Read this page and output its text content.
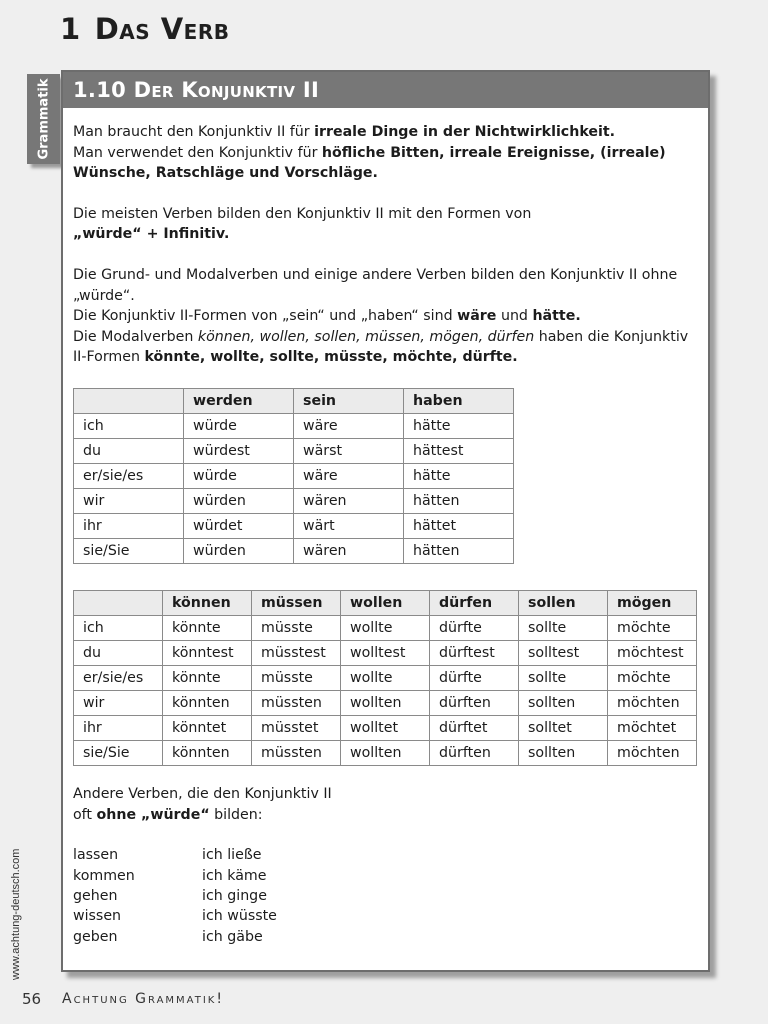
1 Das Verb
Grammatik	1.10 Der Konjunktiv II

Man braucht den Konjunktiv II für irreale Dinge in der Nichtwirklichkeit.
Man verwendet den Konjunktiv für höfliche Bitten, irreale Ereignisse, (irreale) Wünsche, Ratschläge und Vorschläge.

Die meisten Verben bilden den Konjunktiv II mit den Formen von
„würde“ + Infinitiv.

Die Grund- und Modalverben und einige andere Verben bilden den Konjunktiv II ohne „würde“.
Die Konjunktiv II-Formen von „sein“ und „haben“ sind wäre und hätte.
Die Modalverben können, wollen, sollen, müssen, mögen, dürfen haben die Konjunktiv II-Formen könnte, wollte, sollte, müsste, möchte, dürfte.

	werden	sein	haben
ich	würde	wäre	hätte
du	würdest	wärst	hättest
er/sie/es	würde	wäre	hätte
wir	würden	wären	hätten
ihr	würdet	wärt	hättet
sie/Sie	würden	wären	hätten
	können	müssen	wollen	dürfen	sollen	mögen
ich	könnte	müsste	wollte	dürfte	sollte	möchte
du	könntest	müsstest	wolltest	dürftest	solltest	möchtest
er/sie/es	könnte	müsste	wollte	dürfte	sollte	möchte
wir	könnten	müssten	wollten	dürften	sollten	möchten
ihr	könntet	müsstet	wolltet	dürftet	solltet	möchtet
sie/Sie	könnten	müssten	wollten	dürften	sollten	möchten
Andere Verben, die den Konjunktiv II
oft ohne „würde“ bilden:
lassen	ich ließe
kommen	ich käme
gehen	ich ginge
wissen	ich wüsste
geben	ich gäbe
www.achtung-deutsch.com
56 Achtung Grammatik!
